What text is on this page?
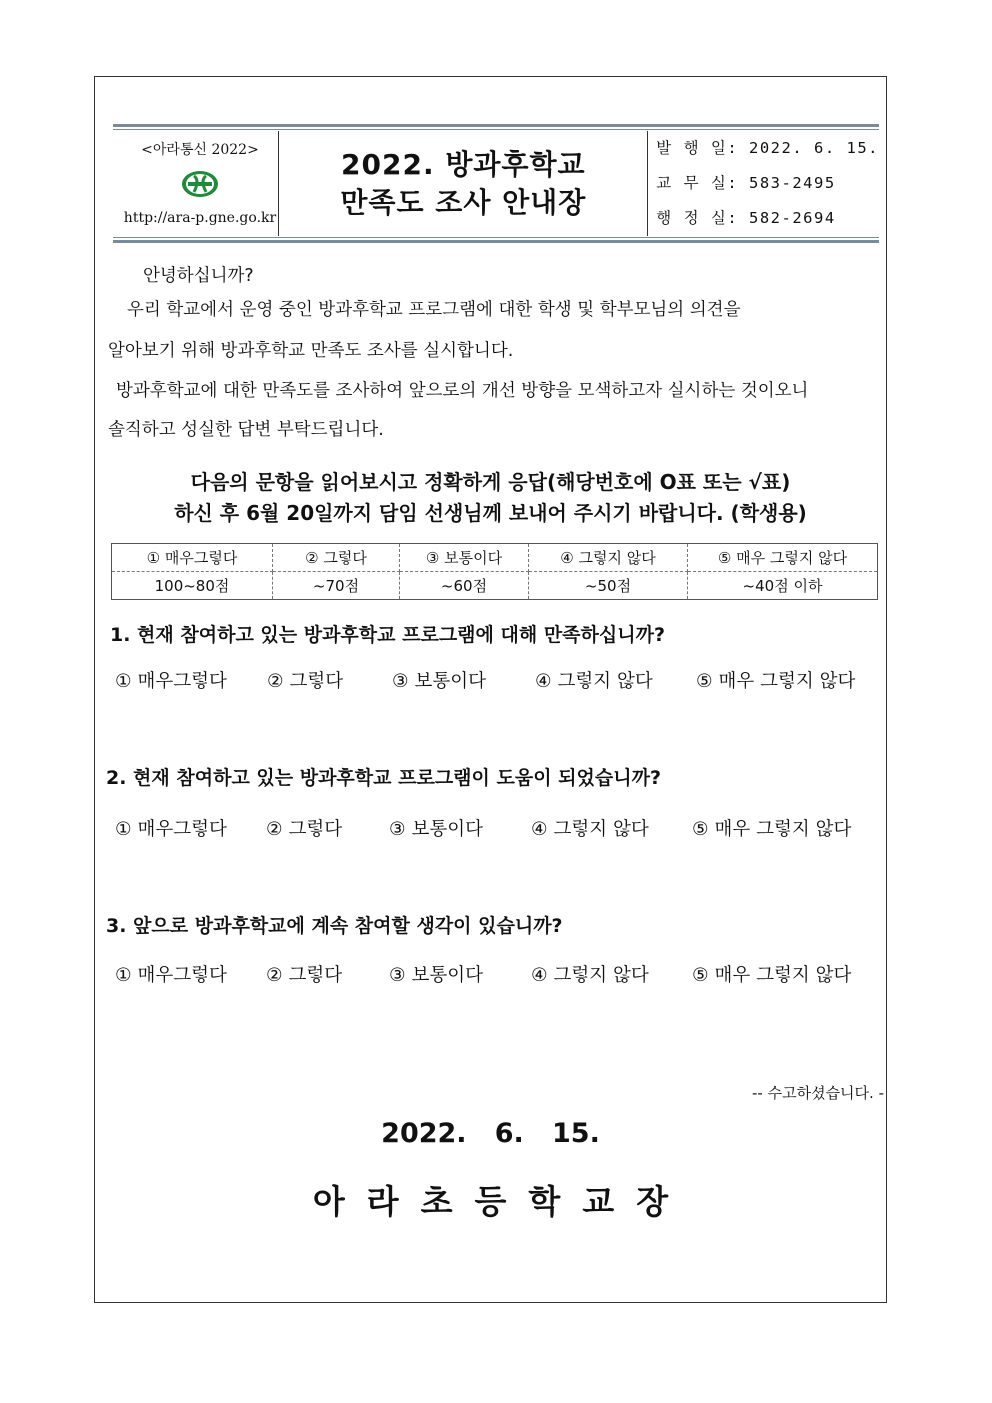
<아라통신 2022>
http://ara-p.gne.go.kr
2022. 방과후학교
만족도 조사 안내장
발 행 일: 2022. 6. 15.
교 무 실: 583-2495
행 정 실: 582-2694
안녕하십니까?
우리 학교에서 운영 중인 방과후학교 프로그램에 대한 학생 및 학부모님의 의견을
알아보기 위해 방과후학교 만족도 조사를 실시합니다.
방과후학교에 대한 만족도를 조사하여 앞으로의 개선 방향을 모색하고자 실시하는 것이오니
솔직하고 성실한 답변 부탁드립니다.
다음의 문항을 읽어보시고 정확하게 응답(해당번호에 O표 또는 √표)
하신 후 6월 20일까지 담임 선생님께 보내어 주시기 바랍니다. (학생용)
① 매우그렇다	② 그렇다	③ 보통이다	④ 그렇지 않다	⑤ 매우 그렇지 않다
100~80점	~70점	~60점	~50점	~40점 이하
1. 현재 참여하고 있는 방과후학교 프로그램에 대해 만족하십니까?
① 매우그렇다 ② 그렇다	③ 보통이다	④ 그렇지 않다 ⑤ 매우 그렇지 않다
2. 현재 참여하고 있는 방과후학교 프로그램이 도움이 되었습니까?
① 매우그렇다 ② 그렇다	③ 보통이다	④ 그렇지 않다 ⑤ 매우 그렇지 않다
3. 앞으로 방과후학교에 계속 참여할 생각이 있습니까?
① 매우그렇다 ② 그렇다	③ 보통이다	④ 그렇지 않다 ⑤ 매우 그렇지 않다
-- 수고하셨습니다. -
2022.   6.   15.
아라초등학교장
